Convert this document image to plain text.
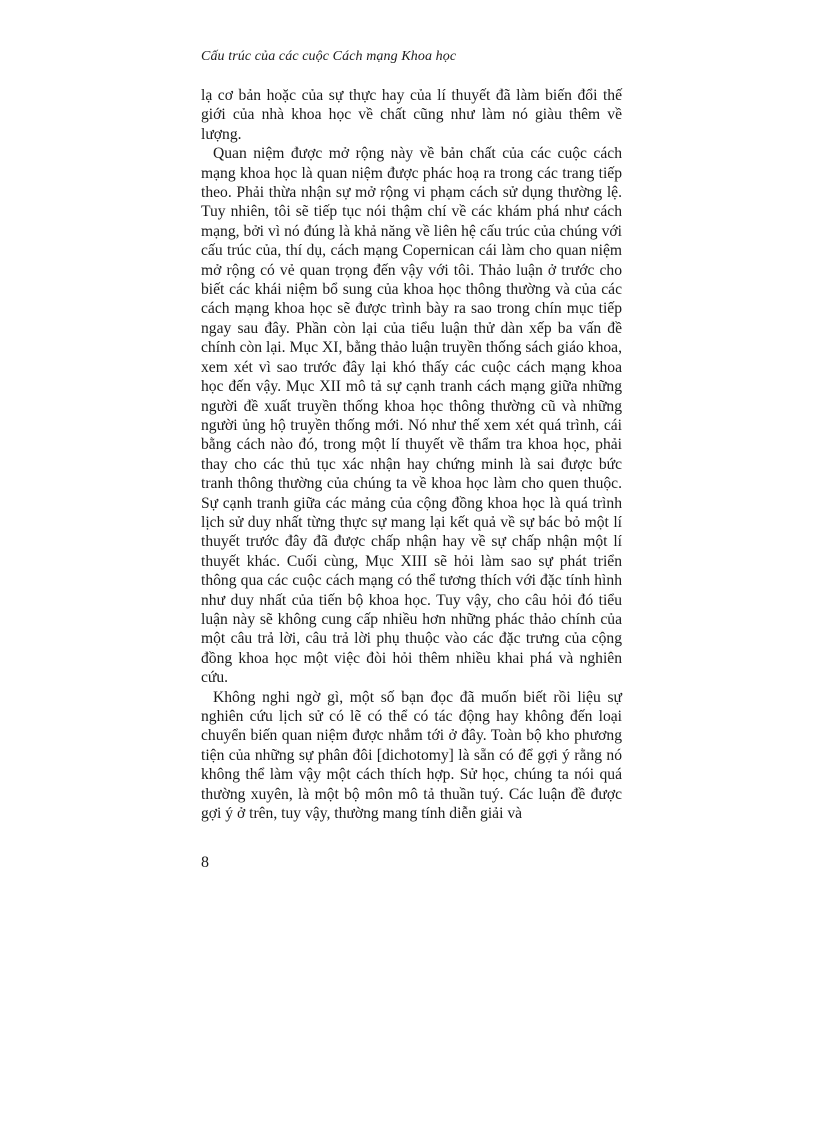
Cấu trúc của các cuộc Cách mạng Khoa học

lạ cơ bản hoặc của sự thực hay của lí thuyết đã làm biến đổi thế giới của nhà khoa học về chất cũng như làm nó giàu thêm về lượng.

Quan niệm được mở rộng này về bản chất của các cuộc cách mạng khoa học là quan niệm được phác hoạ ra trong các trang tiếp theo. Phải thừa nhận sự mở rộng vi phạm cách sử dụng thường lệ. Tuy nhiên, tôi sẽ tiếp tục nói thậm chí về các khám phá như cách mạng, bởi vì nó đúng là khả năng về liên hệ cấu trúc của chúng với cấu trúc của, thí dụ, cách mạng Copernican cái làm cho quan niệm mở rộng có vẻ quan trọng đến vậy với tôi. Thảo luận ở trước cho biết các khái niệm bổ sung của khoa học thông thường và của các cách mạng khoa học sẽ được trình bày ra sao trong chín mục tiếp ngay sau đây. Phần còn lại của tiểu luận thử dàn xếp ba vấn đề chính còn lại. Mục XI, bằng thảo luận truyền thống sách giáo khoa, xem xét vì sao trước đây lại khó thấy các cuộc cách mạng khoa học đến vậy. Mục XII mô tả sự cạnh tranh cách mạng giữa những người đề xuất truyền thống khoa học thông thường cũ và những người ủng hộ truyền thống mới. Nó như thế xem xét quá trình, cái bằng cách nào đó, trong một lí thuyết về thẩm tra khoa học, phải thay cho các thủ tục xác nhận hay chứng minh là sai được bức tranh thông thường của chúng ta về khoa học làm cho quen thuộc. Sự cạnh tranh giữa các mảng của cộng đồng khoa học là quá trình lịch sử duy nhất từng thực sự mang lại kết quả về sự bác bỏ một lí thuyết trước đây đã được chấp nhận hay về sự chấp nhận một lí thuyết khác. Cuối cùng, Mục XIII sẽ hỏi làm sao sự phát triển thông qua các cuộc cách mạng có thể tương thích với đặc tính hình như duy nhất của tiến bộ khoa học. Tuy vậy, cho câu hỏi đó tiểu luận này sẽ không cung cấp nhiều hơn những phác thảo chính của một câu trả lời, câu trả lời phụ thuộc vào các đặc trưng của cộng đồng khoa học một việc đòi hỏi thêm nhiều khai phá và nghiên cứu.

Không nghi ngờ gì, một số bạn đọc đã muốn biết rồi liệu sự nghiên cứu lịch sử có lẽ có thể có tác động hay không đến loại chuyển biến quan niệm được nhắm tới ở đây. Toàn bộ kho phương tiện của những sự phân đôi [dichotomy] là sẵn có để gợi ý rằng nó không thể làm vậy một cách thích hợp. Sử học, chúng ta nói quá thường xuyên, là một bộ môn mô tả thuần tuý. Các luận đề được gợi ý ở trên, tuy vậy, thường mang tính diễn giải và

8
